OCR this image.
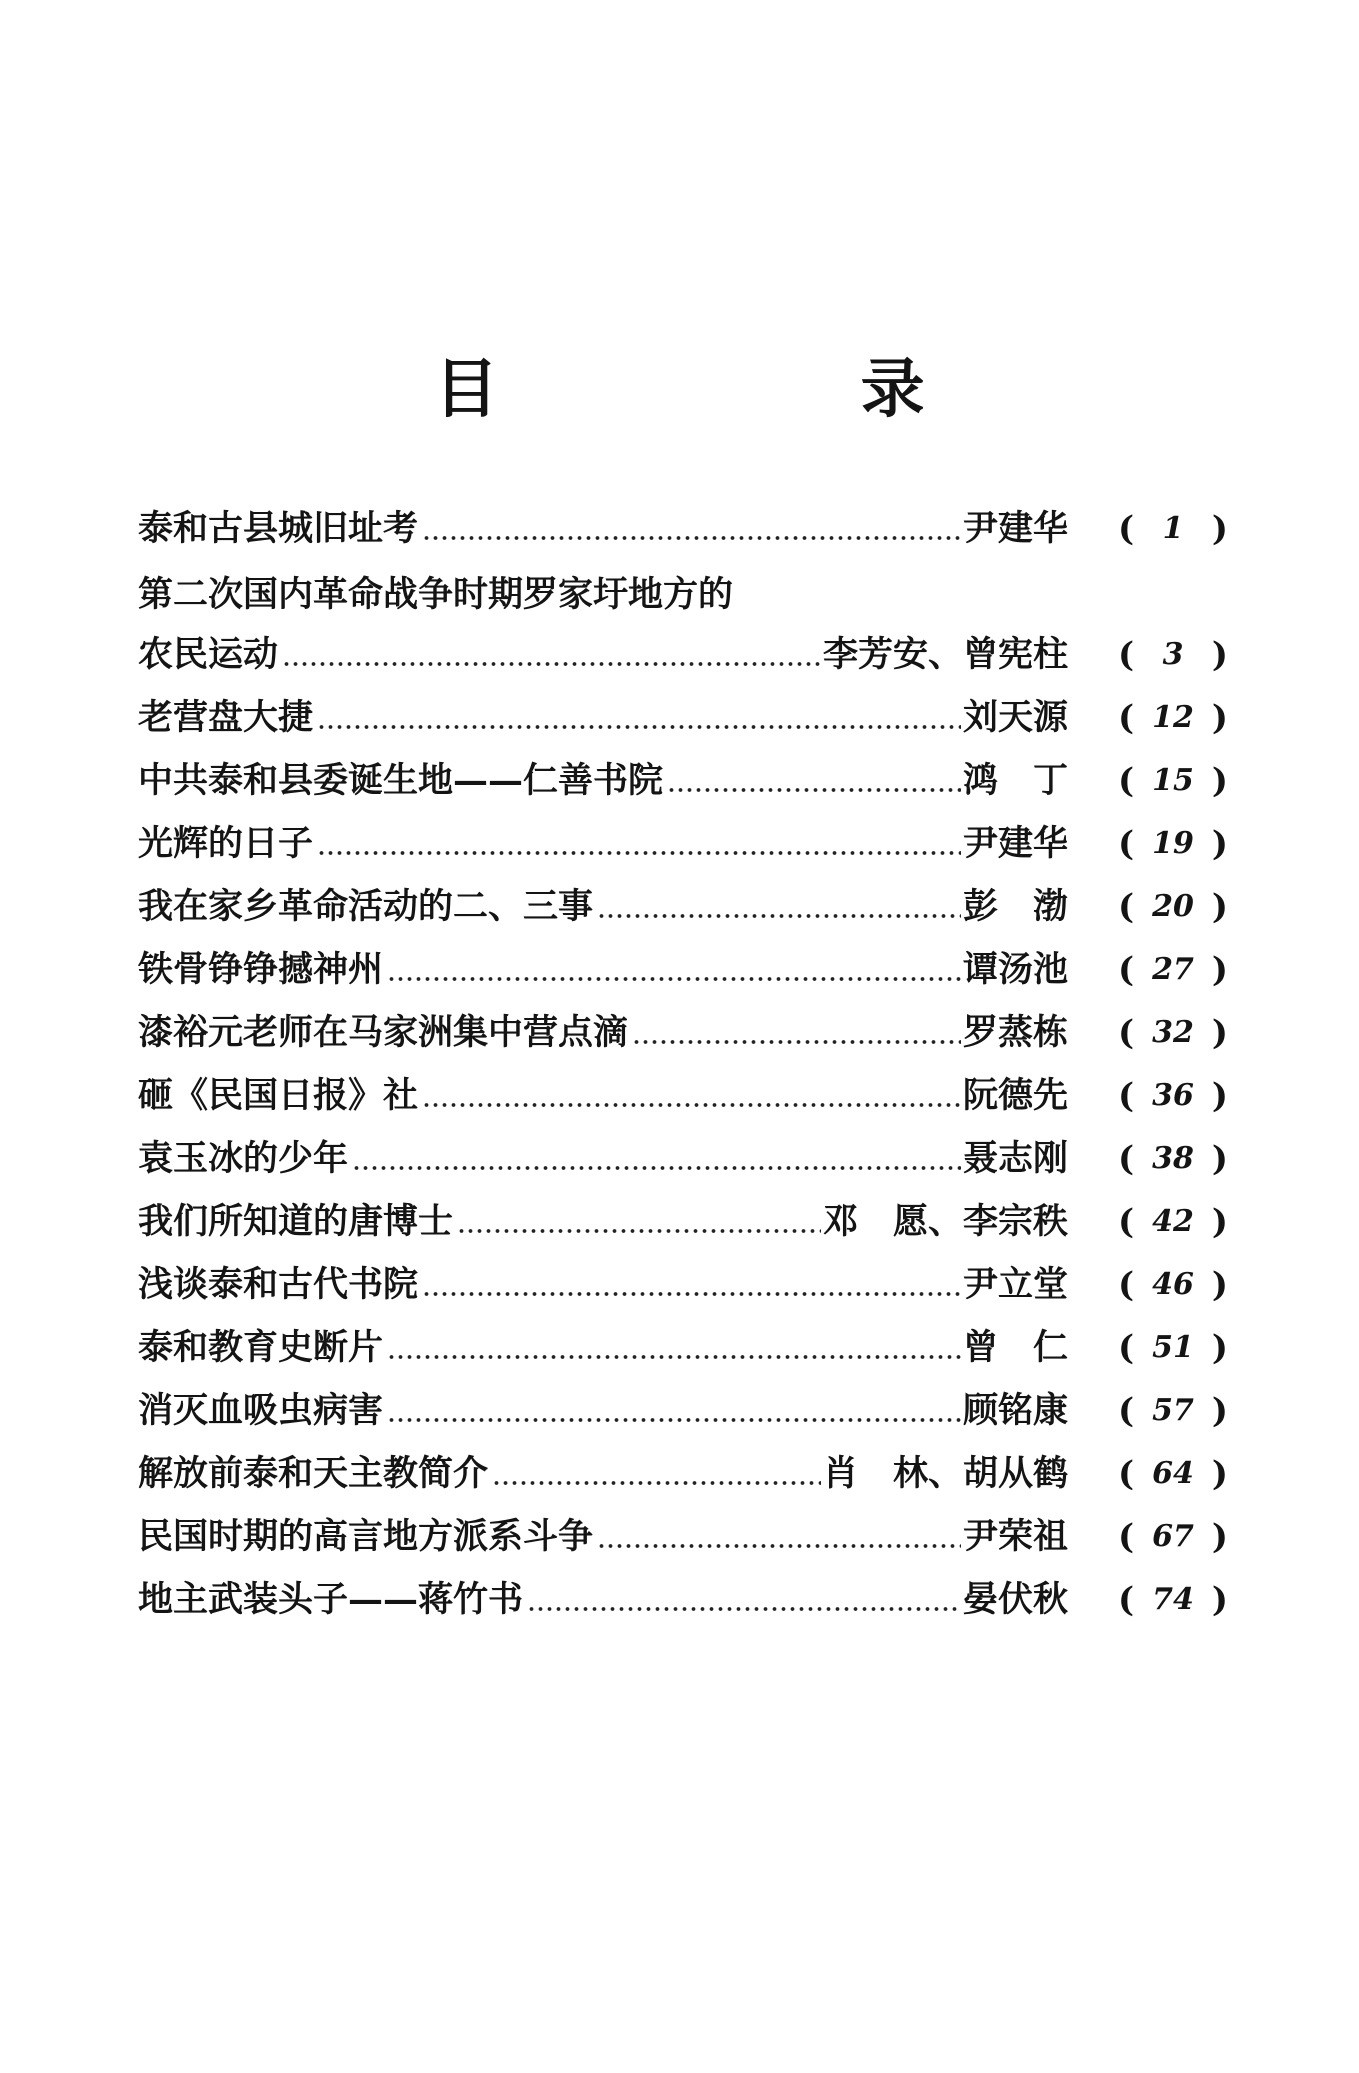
目 录
泰和古县城旧址考	尹建华 ( 1 )
第二次国内革命战争时期罗家圩地方的
农民运动	李芳安、曾宪柱 ( 3 )
老营盘大捷	刘天源 ( 12 )
中共泰和县委诞生地——仁善书院	鸿　丁 ( 15 )
光辉的日子	尹建华 ( 19 )
我在家乡革命活动的二、三事	彭　渤 ( 20 )
铁骨铮铮撼神州	谭汤池 ( 27 )
漆裕元老师在马家洲集中营点滴	罗蒸栋 ( 32 )
砸《民国日报》社	阮德先 ( 36 )
袁玉冰的少年	聂志刚 ( 38 )
我们所知道的唐博士	邓　愿、李宗秩 ( 42 )
浅谈泰和古代书院	尹立堂 ( 46 )
泰和教育史断片	曾　仁 ( 51 )
消灭血吸虫病害	顾铭康 ( 57 )
解放前泰和天主教简介	肖　林、胡从鹤 ( 64 )
民国时期的高言地方派系斗争	尹荣祖 ( 67 )
地主武装头子——蒋竹书	晏伏秋 ( 74 )
